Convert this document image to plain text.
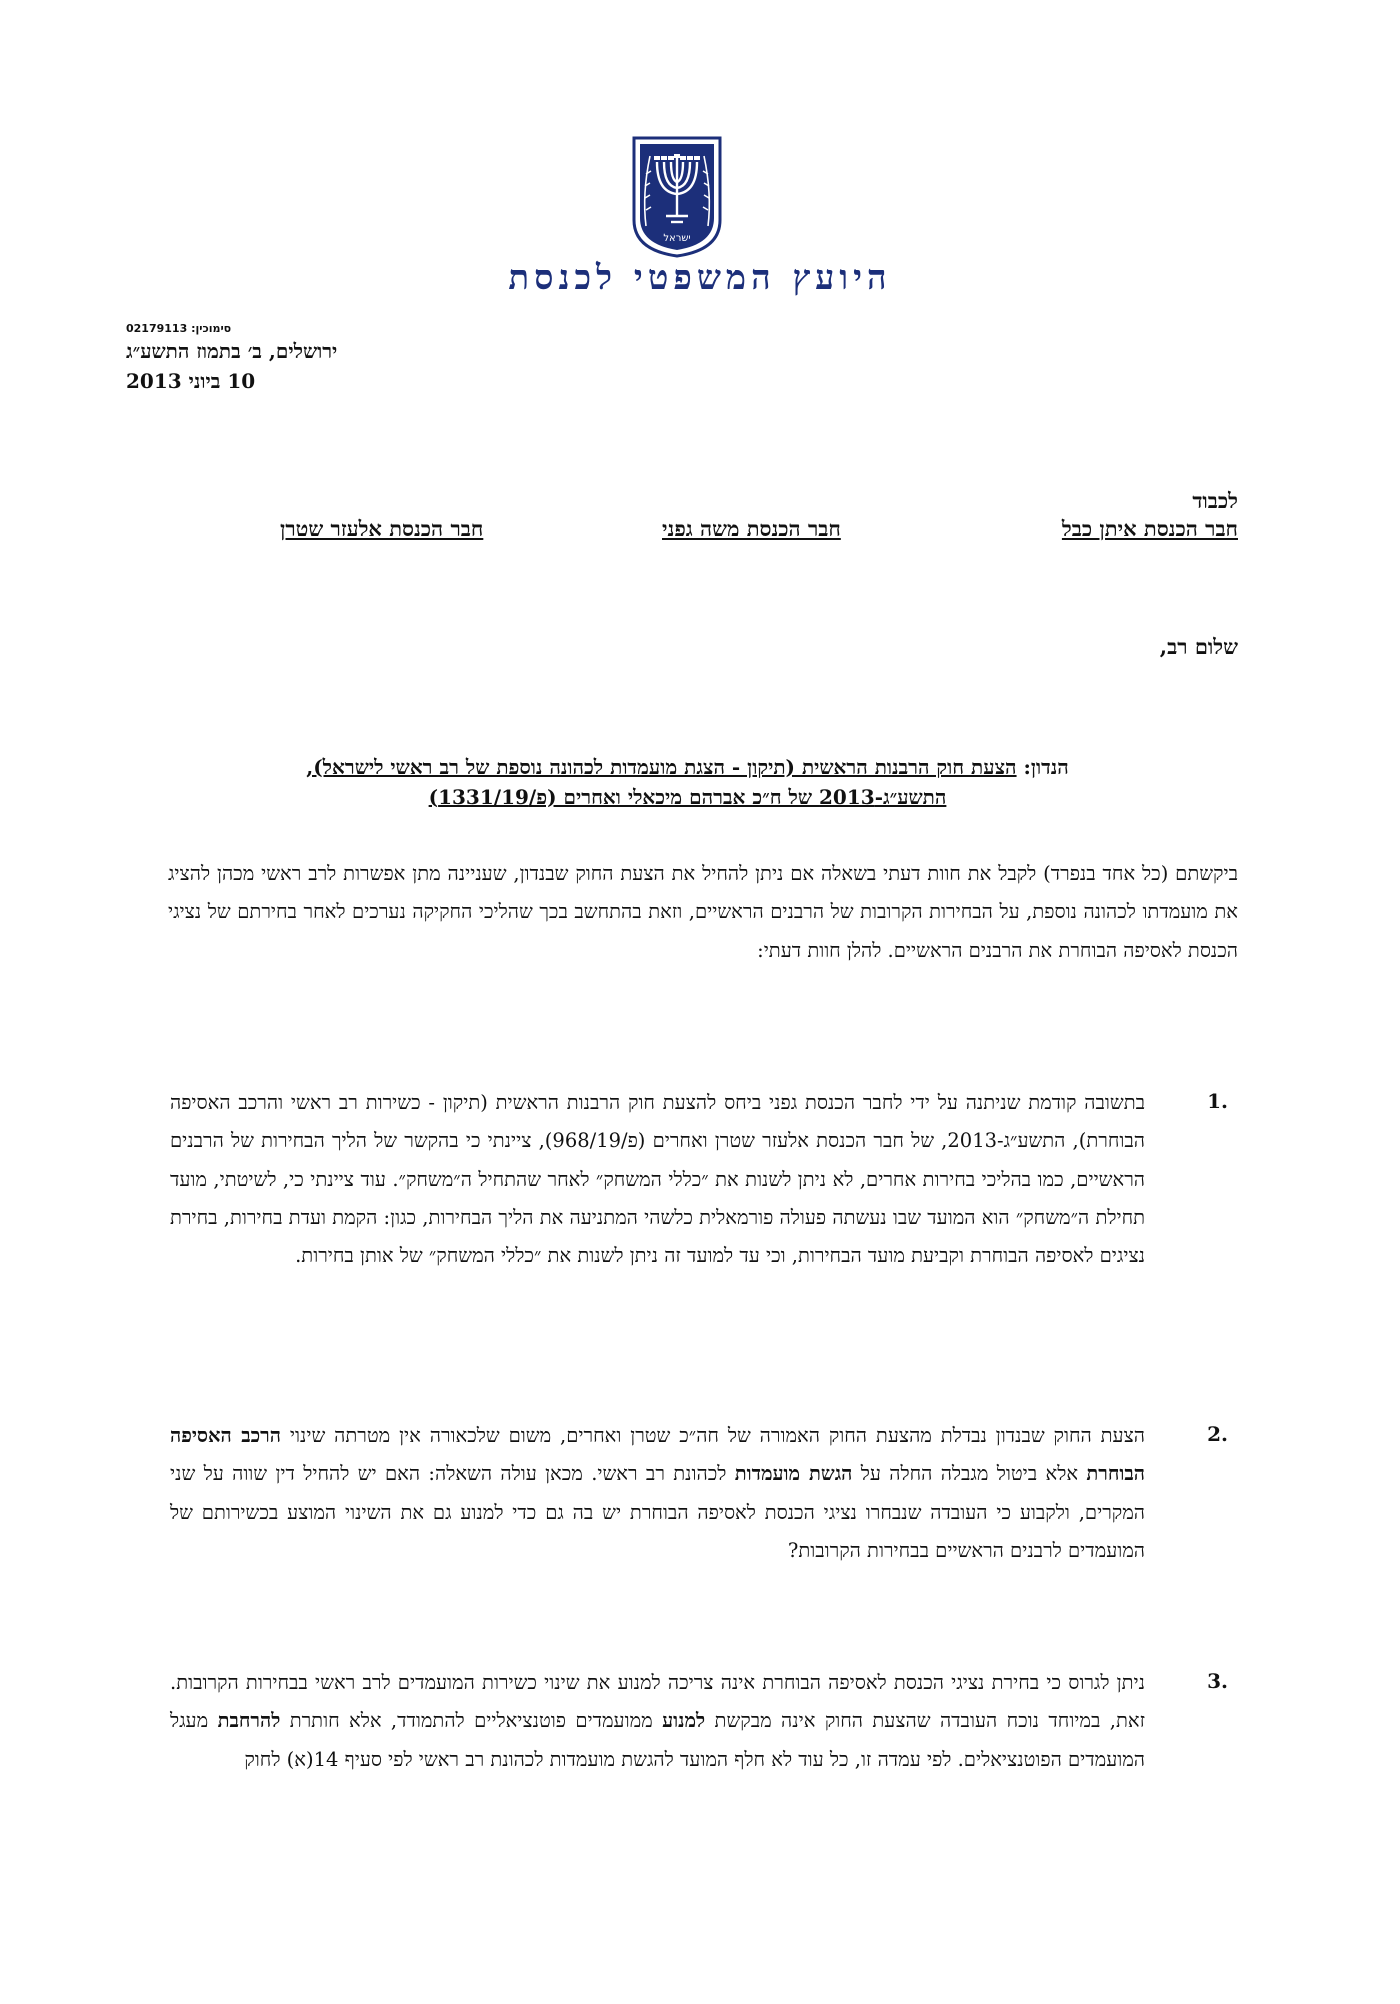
ישראל
היועץ המשפטי לכנסת
סימוכין: 02179113
ירושלים, ב׳ בתמוז התשע״ג
10 ביוני 2013
לכבוד
חבר הכנסת איתן כבל
חבר הכנסת משה גפני
חבר הכנסת אלעזר שטרן
שלום רב,
הנדון: הצעת חוק הרבנות הראשית (תיקון - הצגת מועמדות לכהונה נוספת של רב ראשי לישראל),
התשע״ג-2013 של ח״כ אברהם מיכאלי ואחרים (פ/1331/19)
ביקשתם (כל אחד בנפרד) לקבל את חוות דעתי בשאלה אם ניתן להחיל את הצעת החוק שבנדון, שעניינה מתן אפשרות לרב ראשי מכהן להציג את מועמדתו לכהונה נוספת, על הבחירות הקרובות של הרבנים הראשיים, וזאת בהתחשב בכך שהליכי החקיקה נערכים לאחר בחירתם של נציגי הכנסת לאסיפה הבוחרת את הרבנים הראשיים. להלן חוות דעתי:
.1
בתשובה קודמת שניתנה על ידי לחבר הכנסת גפני ביחס להצעת חוק הרבנות הראשית (תיקון - כשירות רב ראשי והרכב האסיפה הבוחרת), התשע״ג-2013, של חבר הכנסת אלעזר שטרן ואחרים (פ/968/19), ציינתי כי בהקשר של הליך הבחירות של הרבנים הראשיים, כמו בהליכי בחירות אחרים, לא ניתן לשנות את ״כללי המשחק״ לאחר שהתחיל ה״משחק״. עוד ציינתי כי, לשיטתי, מועד תחילת ה״משחק״ הוא המועד שבו נעשתה פעולה פורמאלית כלשהי המתניעה את הליך הבחירות, כגון: הקמת ועדת בחירות, בחירת נציגים לאסיפה הבוחרת וקביעת מועד הבחירות, וכי עד למועד זה ניתן לשנות את ״כללי המשחק״ של אותן בחירות.
.2
הצעת החוק שבנדון נבדלת מהצעת החוק האמורה של חה״כ שטרן ואחרים, משום שלכאורה אין מטרתה שינוי הרכב האסיפה הבוחרת אלא ביטול מגבלה החלה על הגשת מועמדות לכהונת רב ראשי. מכאן עולה השאלה: האם יש להחיל דין שווה על שני המקרים, ולקבוע כי העובדה שנבחרו נציגי הכנסת לאסיפה הבוחרת יש בה גם כדי למנוע גם את השינוי המוצע בכשירותם של המועמדים לרבנים הראשיים בבחירות הקרובות?
.3
ניתן לגרוס כי בחירת נציגי הכנסת לאסיפה הבוחרת אינה צריכה למנוע את שינוי כשירות המועמדים לרב ראשי בבחירות הקרובות. זאת, במיוחד נוכח העובדה שהצעת החוק אינה מבקשת למנוע ממועמדים פוטנציאליים להתמודד, אלא חותרת להרחבת מעגל המועמדים הפוטנציאלים. לפי עמדה זו, כל עוד לא חלף המועד להגשת מועמדות לכהונת רב ראשי לפי סעיף 14(א) לחוק
